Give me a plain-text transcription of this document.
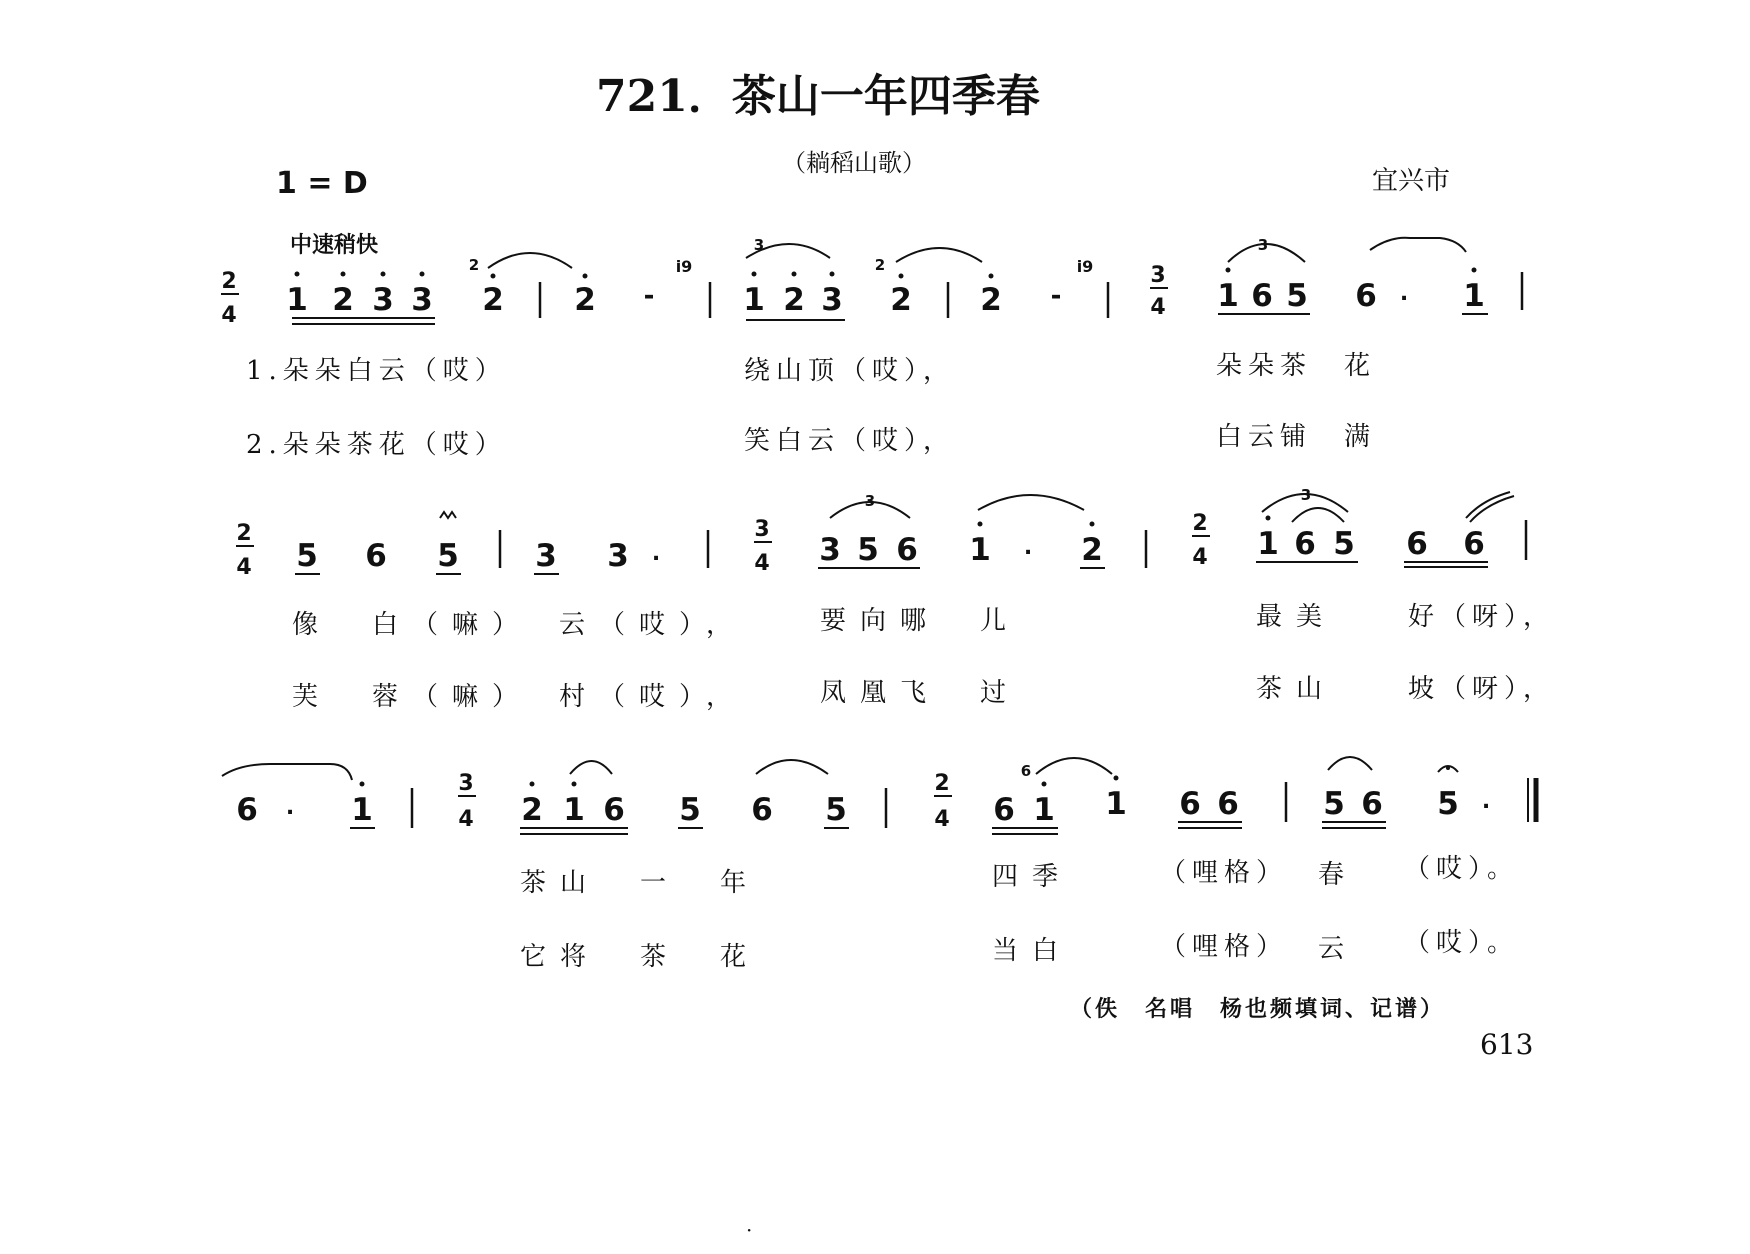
721．茶山一年四季春
（耥稻山歌）
1 = D	宜兴市
中速稍快
2
4 1 2 3 3
2
2 2 -
i9
3
1 2 3
2
2 2 -
i9	3
4
3
1 6 5 6 . 1
2
4 5 6 5 3 3 .
3
4
3
3 5 6 1 . 2
2
4
3
1 6 5 6 6
6 . 1
3
4 2 1 6 5 6 5
2
4 6
6
1 1 6 6	5 6 5 .
1.朵朵白云（哎）	绕山顶（哎），	朵朵茶　花
2.朵朵茶花（哎）	笑白云（哎），	白云铺　满
像　白（嘛）　云（哎），	要向哪　儿	最美	好（呀），
芙　蓉（嘛）　村（哎），	凤凰飞　过	茶山	坡（呀），
茶山　一　年	四季	（哩格） 春 （哎）。
它将　茶　花	当白	（哩格） 云 （哎）。
（佚　名唱　杨也频填词、记谱）
613
·
